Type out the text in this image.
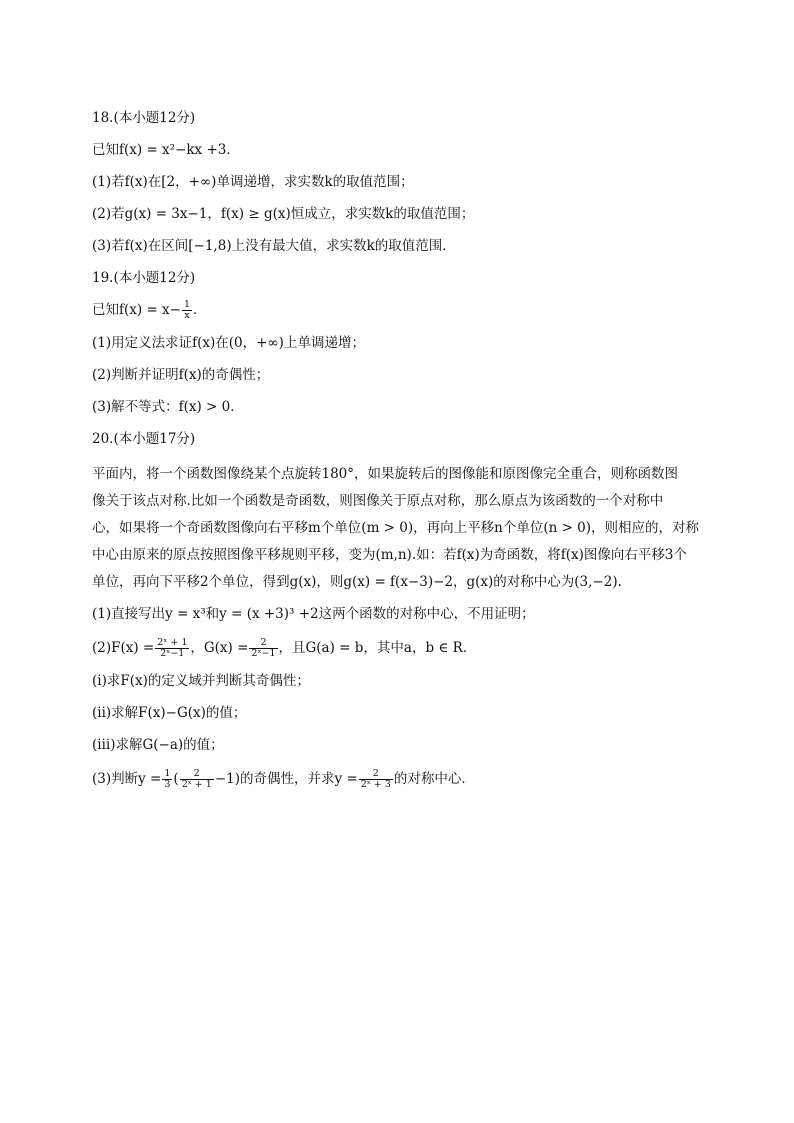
18.(本小题12分)
已知f(x) = x²−kx +3．
(1)若f(x)在[2，+∞)单调递增，求实数k的取值范围；
(2)若g(x) = 3x−1，f(x) ≥ g(x)恒成立，求实数k的取值范围；
(3)若f(x)在区间[−1,8)上没有最大值，求实数k的取值范围．
19.(本小题12分)
已知$f(x) = x- \frac{1}{x}$ ．
(1)用定义法求证f(x)在(0，+∞)上单调递增；
(2)判断并证明f(x)的奇偶性；
(3)解不等式：f(x) > 0．
20.(本小题17分)

平面内，将一个函数图像绕某个点旋转180°，如果旋转后的图像能和原图像完全重合，则称函数图

像关于该点对称.比如一个函数是奇函数，则图像关于原点对称，那么原点为该函数的一个对称中

心，如果将一个奇函数图像向右平移m个单位(m > 0)，再向上平移n个单位(n > 0)，则相应的，对称

中心由原来的原点按照图像平移规则平移，变为(m,n).如：若f(x)为奇函数，将f(x)图像向右平移3个

单位，再向下平移2个单位，得到g(x)，则g(x) = f(x−3)−2，g(x)的对称中心为(3,−2).

(1)直接写出y = x³和y = (x +3)³ +2这两个函数的对称中心，不用证明；
$(2)F(x) = \frac{\text{2ˣ + 1}}{\text{2ˣ−1}}$ ，$G(x) = \frac{2}{\text{2ˣ−1}}$ ，且G(a) = b，其中a，b ∈ R．
(i)求F(x)的定义域并判断其奇偶性；
(ⅱ)求解F(x)−G(x)的值；
(ⅲ)求解G(−a)的值；
(3)判断$y = \frac{1}{3}$ ( $\frac{2}{\text{2ˣ + 1}} -1$)的奇偶性，并求$y = \frac{2}{\text{2ˣ + 3}}$ 的对称中心．
